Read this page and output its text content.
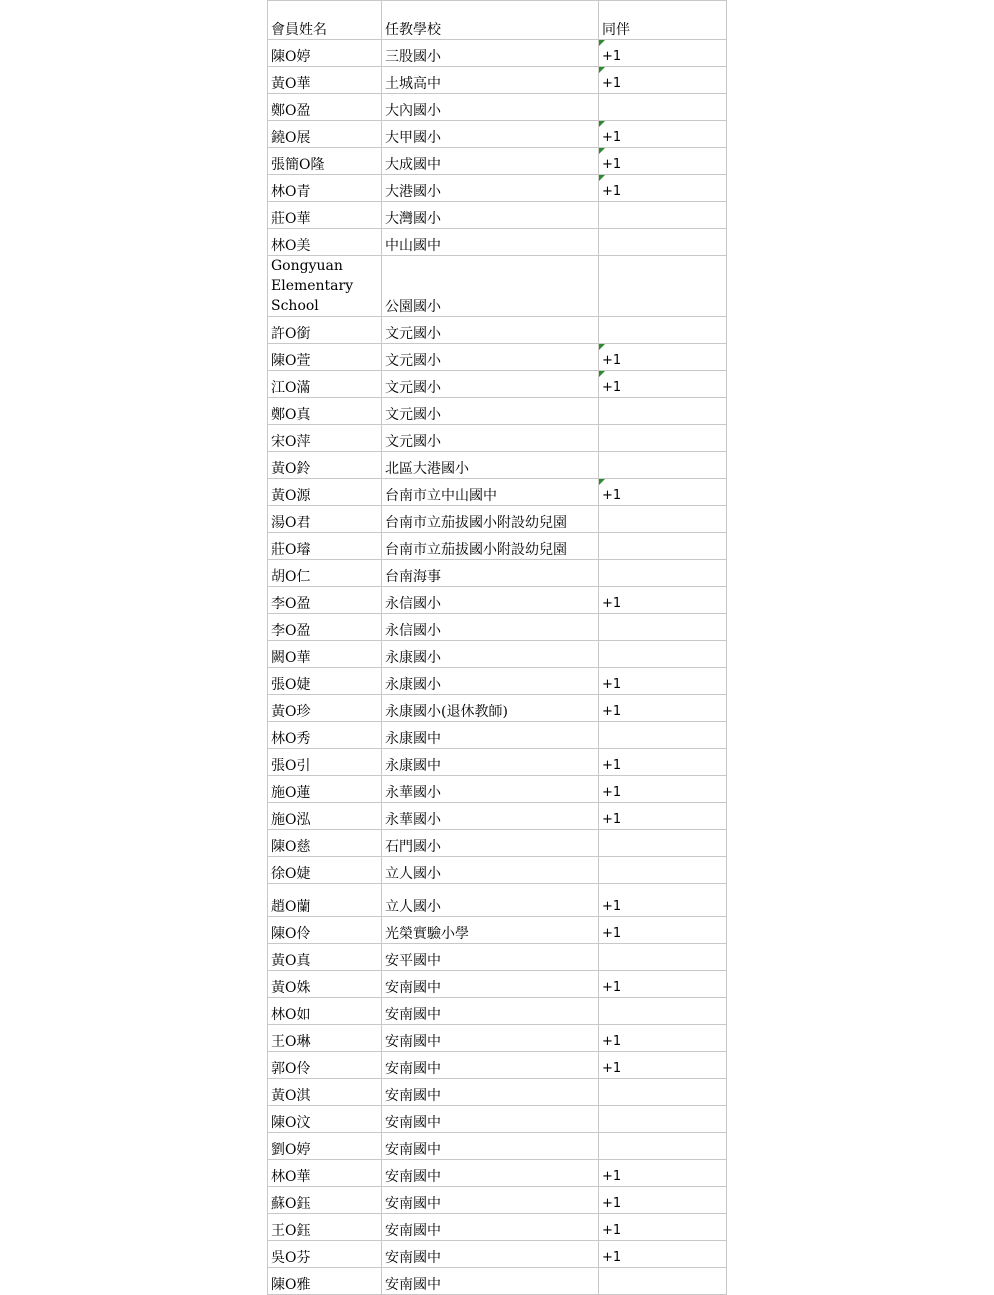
會員姓名	任教學校	同伴
陳O婷	三股國小	+1

黃O華	土城高中	+1

鄭O盈	大內國小	
鐃O展	大甲國小	+1

張簡O隆	大成國中	+1

林O青	大港國小	+1

莊O華	大灣國小	
林O美	中山國中	
Gongyuan Elementary School	公園國小	
許O銜	文元國小	
陳O萱	文元國小	+1

江O滿	文元國小	+1

鄭O真	文元國小	
宋O萍	文元國小	
黃O鈴	北區大港國小	
黃O源	台南市立中山國中	+1

湯O君	台南市立茄拔國小附設幼兒園	
莊O璿	台南市立茄拔國小附設幼兒園	
胡O仁	台南海事	
李O盈	永信國小	+1
李O盈	永信國小	
闕O華	永康國小	
張O婕	永康國小	+1
黃O珍	永康國小(退休教師)	+1
林O秀	永康國中	
張O引	永康國中	+1
施O蓮	永華國小	+1
施O泓	永華國小	+1
陳O慈	石門國小	
徐O婕	立人國小	
趙O蘭	立人國小	+1
陳O伶	光榮實驗小學	+1
黃O真	安平國中	
黃O姝	安南國中	+1
林O如	安南國中	
王O琳	安南國中	+1
郭O伶	安南國中	+1
黃O淇	安南國中	
陳O汶	安南國中	
劉O婷	安南國中	
林O華	安南國中	+1
蘇O鈺	安南國中	+1
王O鈺	安南國中	+1
吳O芬	安南國中	+1
陳O雅	安南國中	
